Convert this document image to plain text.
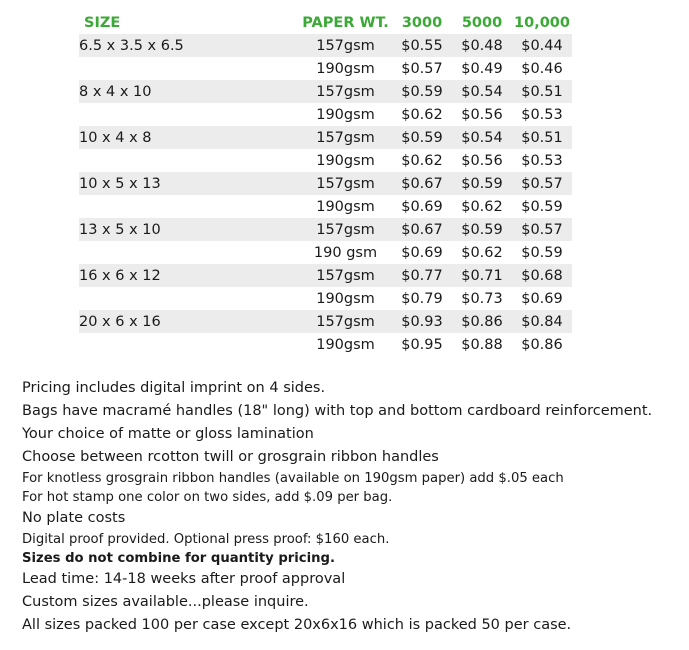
SIZE	PAPER WT.	3000	5000	10,000
6.5 x 3.5 x 6.5	157gsm	$0.55	$0.48	$0.44
	190gsm	$0.57	$0.49	$0.46
8 x 4 x 10	157gsm	$0.59	$0.54	$0.51
	190gsm	$0.62	$0.56	$0.53
10 x 4 x 8	157gsm	$0.59	$0.54	$0.51
	190gsm	$0.62	$0.56	$0.53
10 x 5 x 13	157gsm	$0.67	$0.59	$0.57
	190gsm	$0.69	$0.62	$0.59
13 x 5 x 10	157gsm	$0.67	$0.59	$0.57
	190 gsm	$0.69	$0.62	$0.59
16 x 6 x 12	157gsm	$0.77	$0.71	$0.68
	190gsm	$0.79	$0.73	$0.69
20 x 6 x 16	157gsm	$0.93	$0.86	$0.84
	190gsm	$0.95	$0.88	$0.86
Pricing includes digital imprint on 4 sides.
Bags have macramé handles (18" long) with top and bottom cardboard reinforcement.
Your choice of matte or gloss lamination
Choose between rcotton twill or grosgrain ribbon handles
For knotless grosgrain ribbon handles (available on 190gsm paper) add $.05 each
For hot stamp one color on two sides, add $.09 per bag.
No plate costs
Digital proof provided. Optional press proof: $160 each.
Sizes do not combine for quantity pricing.
Lead time: 14-18 weeks after proof approval
Custom sizes available...please inquire.
All sizes packed 100 per case except 20x6x16 which is packed 50 per case.
